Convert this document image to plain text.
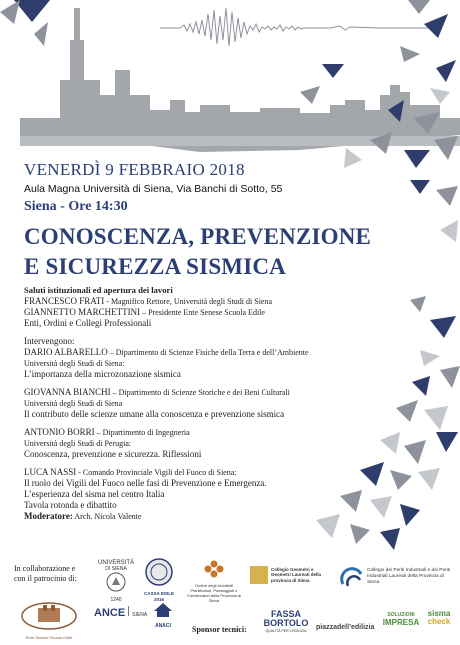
VENERDÌ 9 FEBBRAIO 2018
Aula Magna Università di Siena, Via Banchi di Sotto, 55
Siena - Ore 14:30
CONOSCENZA, PREVENZIONE
E SICUREZZA SISMICA
Saluti istituzionali ed apertura dei lavori
FRANCESCO FRATI - Magnifico Rettore, Università degli Studi di Siena
GIANNETTO MARCHETTINI – Presidente Ente Senese Scuola Edile
Enti, Ordini e Collegi Professionali
Intervengono:
DARIO ALBARELLO – Dipartimento di Scienze Fisiche della Terra e dell’Ambiente
Università degli Studi di Siena:
L’importanza della microzonazione sismica
GIOVANNA BIANCHI – Dipartimento di Scienze Storiche e dei Beni Culturali
Università degli Studi di Siena
Il contributo delle scienze umane alla conoscenza e prevenzione sismica
ANTONIO BORRI – Dipartimento di Ingegneria
Università degli Studi di Perugia:
Conoscenza, prevenzione e sicurezza. Riflessioni
LUCA NASSI - Comando Provinciale Vigili del Fuoco di Siena:
Il ruolo dei Vigili del Fuoco nelle fasi di Prevenzione e Emergenza.
L’esperienza del sisma nel centro Italia
Tavola rotonda e dibattito
Moderatore: Arch. Nicola Valente
In collaborazione e
con il patrocinio di:
UNIVERSITÀ
DI SIENA
1240
CASSA EDILE 2016
Ordine degli Architetti Pianificatori, Paesaggisti e Conservatori della Provincia di Siena
Collegio Geometri e Geometri Laureati della provincia di Siena
Collegio dei Periti Industriali e dei Periti Industriali Laureati della Provincia di Siena
Ente Senese Scuola Edile
ANCE SIENA
ANACI	Sponsor tecnici:
FASSA
BORTOLO
QUALITÀ PER L’EDILIZIA	piazzadell’edilizia
SOLUZIONI
IMPRESA
sisma
check
